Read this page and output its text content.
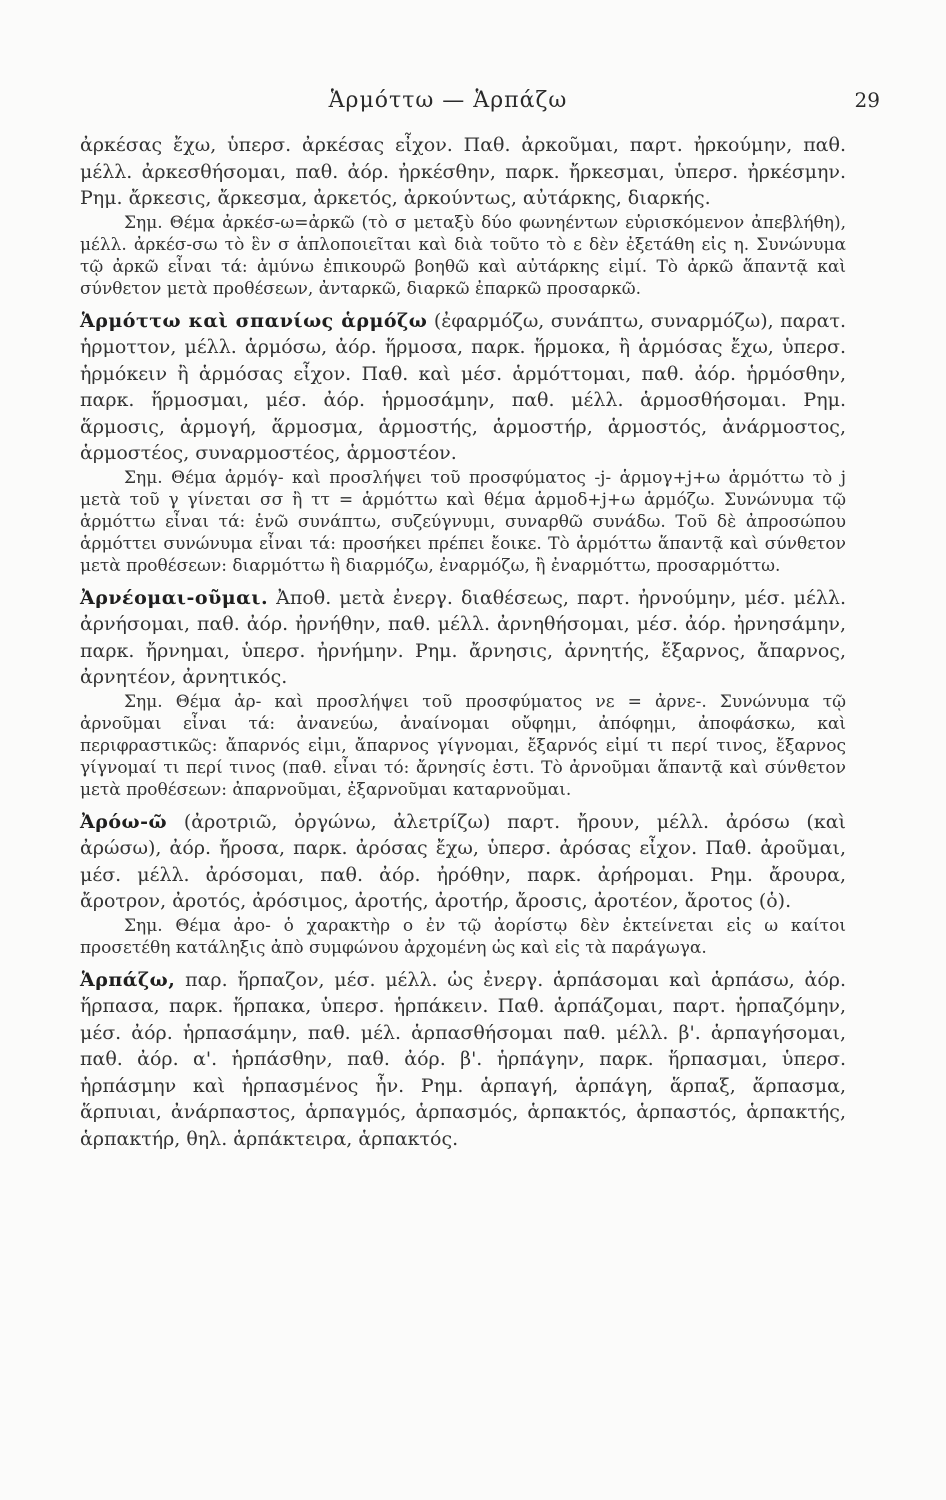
Ἁρμόττω — Ἁρπάζω	29

ἀρκέσας ἔχω, ὑπερσ. ἀρκέσας εἶχον. Παθ. ἀρκοῦμαι, παρτ. ἠρκούμην, παθ. μέλλ. ἀρκεσθήσομαι, παθ. ἀόρ. ἠρκέσθην, παρκ. ἤρκεσμαι, ὑπερσ. ἠρκέσμην. Ρημ. ἄρκεσις, ἄρκεσμα, ἀρκετός, ἀρκούντως, αὐτάρκης, διαρκής.

Σημ. Θέμα ἀρκέσ-ω=ἀρκῶ (τὸ σ μεταξὺ δύο φωνηέντων εὑρισκόμενον ἀπεβλήθη), μέλλ. ἀρκέσ-σω τὸ ἓν σ ἁπλοποιεῖται καὶ διὰ τοῦτο τὸ ε δὲν ἐξετάθη εἰς η. Συνώνυμα τῷ ἀρκῶ εἶναι τά: ἀμύνω ἐπικουρῶ βοηθῶ καὶ αὐτάρκης εἰμί. Τὸ ἀρκῶ ἅπαντᾷ καὶ σύνθετον μετὰ προθέσεων, ἀνταρκῶ, διαρκῶ ἐπαρκῶ προσαρκῶ.

Ἁρμόττω καὶ σπανίως ἁρμόζω (ἐφαρμόζω, συνάπτω, συναρμόζω), παρατ. ἡρμοττον, μέλλ. ἁρμόσω, ἀόρ. ἥρμοσα, παρκ. ἥρμοκα, ἢ ἁρμόσας ἔχω, ὑπερσ. ἡρμόκειν ἢ ἁρμόσας εἶχον. Παθ. καὶ μέσ. ἁρμόττομαι, παθ. ἀόρ. ἡρμόσθην, παρκ. ἥρμοσμαι, μέσ. ἀόρ. ἡρμοσάμην, παθ. μέλλ. ἁρμοσθήσομαι. Ρημ. ἅρμοσις, ἁρμογή, ἅρμοσμα, ἁρμοστής, ἁρμοστήρ, ἁρμοστός, ἀνάρμοστος, ἁρμοστέος, συναρμοστέος, ἁρμοστέον.

Σημ. Θέμα ἁρμόγ- καὶ προσλήψει τοῦ προσφύματος -j- ἁρμογ+j+ω ἁρμόττω τὸ j μετὰ τοῦ γ γίνεται σσ ἢ ττ = ἁρμόττω καὶ θέμα ἁρμοδ+j+ω ἁρμόζω. Συνώνυμα τῷ ἁρμόττω εἶναι τά: ἑνῶ συνάπτω, συζεύγνυμι, συναρθῶ συνάδω. Τοῦ δὲ ἀπροσώπου ἁρμόττει συνώνυμα εἶναι τά: προσήκει πρέπει ἔοικε. Τὸ ἁρμόττω ἅπαντᾷ καὶ σύνθετον μετὰ προθέσεων: διαρμόττω ἢ διαρμόζω, ἐναρμόζω, ἢ ἐναρμόττω, προσαρμόττω.

Ἀρνέομαι-οῦμαι. Ἀποθ. μετὰ ἐνεργ. διαθέσεως, παρτ. ἠρνούμην, μέσ. μέλλ. ἀρνήσομαι, παθ. ἀόρ. ἠρνήθην, παθ. μέλλ. ἀρνηθήσομαι, μέσ. ἀόρ. ἠρνησάμην, παρκ. ἤρνημαι, ὑπερσ. ἠρνήμην. Ρημ. ἄρνησις, ἀρνητής, ἔξαρνος, ἄπαρνος, ἀρνητέον, ἀρνητικός.

Σημ. Θέμα ἀρ- καὶ προσλήψει τοῦ προσφύματος νε = ἀρνε-. Συνώνυμα τῷ ἀρνοῦμαι εἶναι τά: ἀνανεύω, ἀναίνομαι οὔφημι, ἀπόφημι, ἀποφάσκω, καὶ περιφραστικῶς: ἄπαρνός εἰμι, ἄπαρνος γίγνομαι, ἔξαρνός εἰμί τι περί τινος, ἔξαρνος γίγνομαί τι περί τινος (παθ. εἶναι τό: ἄρνησίς ἐστι. Τὸ ἀρνοῦμαι ἅπαντᾷ καὶ σύνθετον μετὰ προθέσεων: ἀπαρνοῦμαι, ἐξαρνοῦμαι καταρνοῦμαι.

Ἀρόω-ῶ (ἀροτριῶ, ὀργώνω, ἀλετρίζω) παρτ. ἤρουν, μέλλ. ἀρόσω (καὶ ἀρώσω), ἀόρ. ἤροσα, παρκ. ἀρόσας ἔχω, ὑπερσ. ἀρόσας εἶχον. Παθ. ἀροῦμαι, μέσ. μέλλ. ἀρόσομαι, παθ. ἀόρ. ἠρόθην, παρκ. ἀρήρομαι. Ρημ. ἄρουρα, ἄροτρον, ἀροτός, ἀρόσιμος, ἀροτής, ἀροτήρ, ἄροσις, ἀροτέον, ἄροτος (ὁ).

Σημ. Θέμα ἀρο- ὁ χαρακτὴρ ο ἐν τῷ ἀορίστῳ δὲν ἐκτείνεται εἰς ω καίτοι προσετέθη κατάληξις ἀπὸ συμφώνου ἀρχομένη ὡς καὶ εἰς τὰ παράγωγα.

Ἁρπάζω, παρ. ἥρπαζον, μέσ. μέλλ. ὡς ἐνεργ. ἁρπάσομαι καὶ ἁρπάσω, ἀόρ. ἥρπασα, παρκ. ἥρπακα, ὑπερσ. ἡρπάκειν. Παθ. ἁρπάζομαι, παρτ. ἡρπαζόμην, μέσ. ἀόρ. ἡρπασάμην, παθ. μέλ. ἁρπασθήσομαι παθ. μέλλ. β'. ἁρπαγήσομαι, παθ. ἀόρ. α'. ἡρπάσθην, παθ. ἀόρ. β'. ἡρπάγην, παρκ. ἥρπασμαι, ὑπερσ. ἡρπάσμην καὶ ἡρπασμένος ἦν. Ρημ. ἁρπαγή, ἁρπάγη, ἅρπαξ, ἅρπασμα, ἅρπυιαι, ἀνάρπαστος, ἁρπαγμός, ἁρπασμός, ἁρπακτός, ἁρπαστός, ἁρπακτής, ἁρπακτήρ, θηλ. ἁρπάκτειρα, ἁρπακτός.
